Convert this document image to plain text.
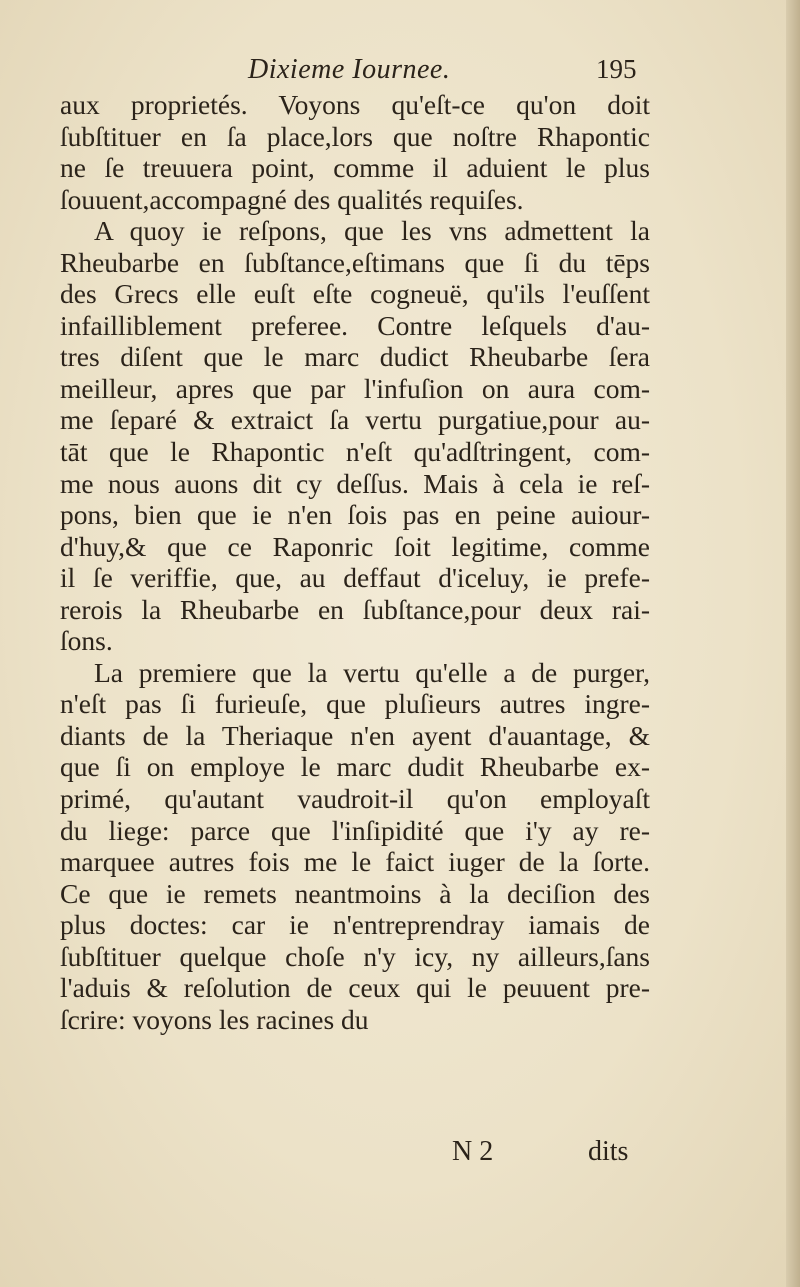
Dixieme Iournee.	195
aux proprietés. Voyons qu'eſt-ce qu'on doit
ſubſtituer en ſa place,lors que noſtre Rhapontic
ne ſe treuuera point, comme il aduient le plus
ſouuent,accompagné des qualités requiſes.
A quoy ie reſpons, que les vns admettent la
Rheubarbe en ſubſtance,eſtimans que ſi du tēps
des Grecs elle euſt eſte cogneuë, qu'ils l'euſſent
infailliblement preferee. Contre leſquels d'au-
tres diſent que le marc dudict Rheubarbe ſera
meilleur, apres que par l'infuſion on aura com-
me ſeparé & extraict ſa vertu purgatiue,pour au-
tāt que le Rhapontic n'eſt qu'adſtringent, com-
me nous auons dit cy deſſus. Mais à cela ie reſ-
pons, bien que ie n'en ſois pas en peine auiour-
d'huy,& que ce Raponric ſoit legitime, comme
il ſe veriffie, que, au deffaut d'iceluy, ie prefe-
rerois la Rheubarbe en ſubſtance,pour deux rai-
ſons.
La premiere que la vertu qu'elle a de purger,
n'eſt pas ſi furieuſe, que pluſieurs autres ingre-
diants de la Theriaque n'en ayent d'auantage, &
que ſi on employe le marc dudit Rheubarbe ex-
primé, qu'autant vaudroit-il qu'on employaſt
du liege: parce que l'inſipidité que i'y ay re-
marquee autres fois me le faict iuger de la ſorte.
Ce que ie remets neantmoins à la deciſion des
plus doctes: car ie n'entreprendray iamais de
ſubſtituer quelque choſe n'y icy, ny ailleurs,ſans
l'aduis & reſolution de ceux qui le peuuent pre-
ſcrire: voyons les racines du
N 2	dits
